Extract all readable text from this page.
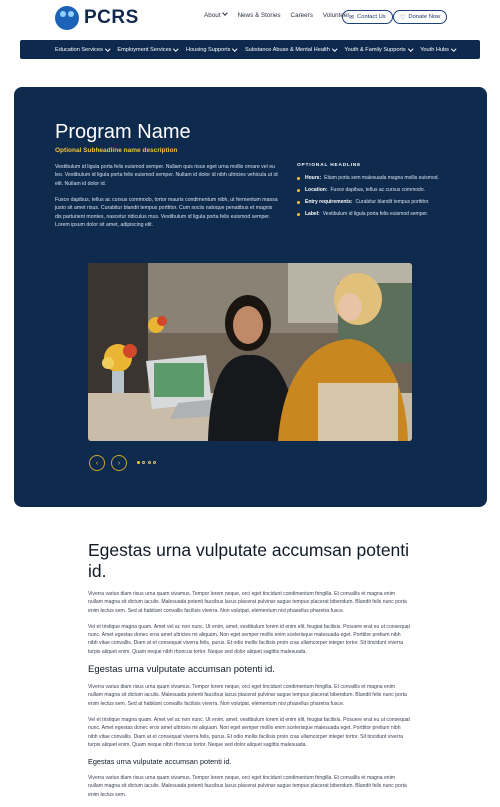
PCRS	About	News & Stories Careers Volunteer ✉ Contact Us ♡ Donate Now
Education Services	Employment Services	Housing Supports	Substance Abuse & Mental Health	Youth & Family Supports	Youth Hubs
Program Name
Optional Subheadline name description
Vestibulum id ligula porta felis euismod semper. Nullam quis risus eget urna mollis ornare vel eu leo. Vestibulum id ligula porta felis euismod semper. Nullam id dolor id nibh ultricies vehicula ut id elit. Nullam id dolor id.
Fusce dapibus, tellus ac cursus commodo, tortor mauris condimentum nibh, ut fermentum massa justo sit amet risus. Curabitur blandit tempus porttitor. Cum sociis natoque penatibus et magnis dis parturient montes, nascetur ridiculus mus. Vestibulum id ligula porta felis euismod semper. Lorem ipsum dolor sit amet, adipiscing elit.
OPTIONAL HEADLINE
Hours: Etiam porta sem malesuada magna mollis euismod.
Location: Fusce dapibus, tellus ac cursus commodo.
Entry requirements: Curabitur blandit tempus porttitor.
Label: Vestibulum id ligula porta felis euismod semper.
‹	›
Egestas urna vulputate accumsan potenti id.

Viverra varius diam risus urna quam vivamus. Tempor lorem neque, orci eget tincidunt condimentum fringilla. Et convallis et magna enim nullam magna sit dictum iaculis. Malesuada potenti faucibus lacus placerat pulvinar augue tempus placerat bibendum. Blandit felis nunc porta enim lectus sem. Sed at habitant convallis facilisis viverra. Non volutpat, elementum nisi phasellus pharetra fusce.

Vel et tristique magna quam. Amet vel ac non nunc. Ut enim, amet, vestibulum lorem id enim elit, feugiat facilisis. Posuere erat eu ut consequat nunc. Amet egestas donec eros amet ultricies mi aliquam. Non eget semper mollis enim scelerisque malesuada eget. Porttitor pretium nibh nibh vitae convallis. Diam at et consequat viverra felis, purus. Et odio mollis facilisis proin cras ullamcorper integer tortor. Sit tincidunt viverra turpis aliquet enim. Quam neque nibh rhoncus tortor. Neque sed dolor aliquet sagittis malesuada.

Egestas urna vulputate accumsan potenti id.

Viverra varius diam risus urna quam vivamus. Tempor lorem neque, orci eget tincidunt condimentum fringilla. Et convallis et magna enim nullam magna sit dictum iaculis. Malesuada potenti faucibus lacus placerat pulvinar augue tempus placerat bibendum. Blandit felis nunc porta enim lectus sem. Sed at habitant convallis facilisis viverra. Non volutpat, elementum nisi phasellus pharetra fusce.

Vel et tristique magna quam. Amet vel ac non nunc. Ut enim, amet, vestibulum lorem id enim elit, feugiat facilisis. Posuere erat eu ut consequat nunc. Amet egestas donec eros amet ultricies mi aliquam. Non eget semper mollis enim scelerisque malesuada eget. Porttitor pretium nibh nibh vitae convallis. Diam at et consequat viverra felis, purus. Et odio mollis facilisis proin cras ullamcorper integer tortor. Sit tincidunt viverra turpis aliquet enim. Quam neque nibh rhoncus tortor. Neque sed dolor aliquet sagittis malesuada.

Egestas urna vulputate accumsan potenti id.

Viverra varius diam risus urna quam vivamus. Tempor lorem neque, orci eget tincidunt condimentum fringilla. Et convallis et magna enim nullam magna sit dictum iaculis. Malesuada potenti faucibus lacus placerat pulvinar augue tempus placerat bibendum. Blandit felis nunc porta enim lectus sem.
